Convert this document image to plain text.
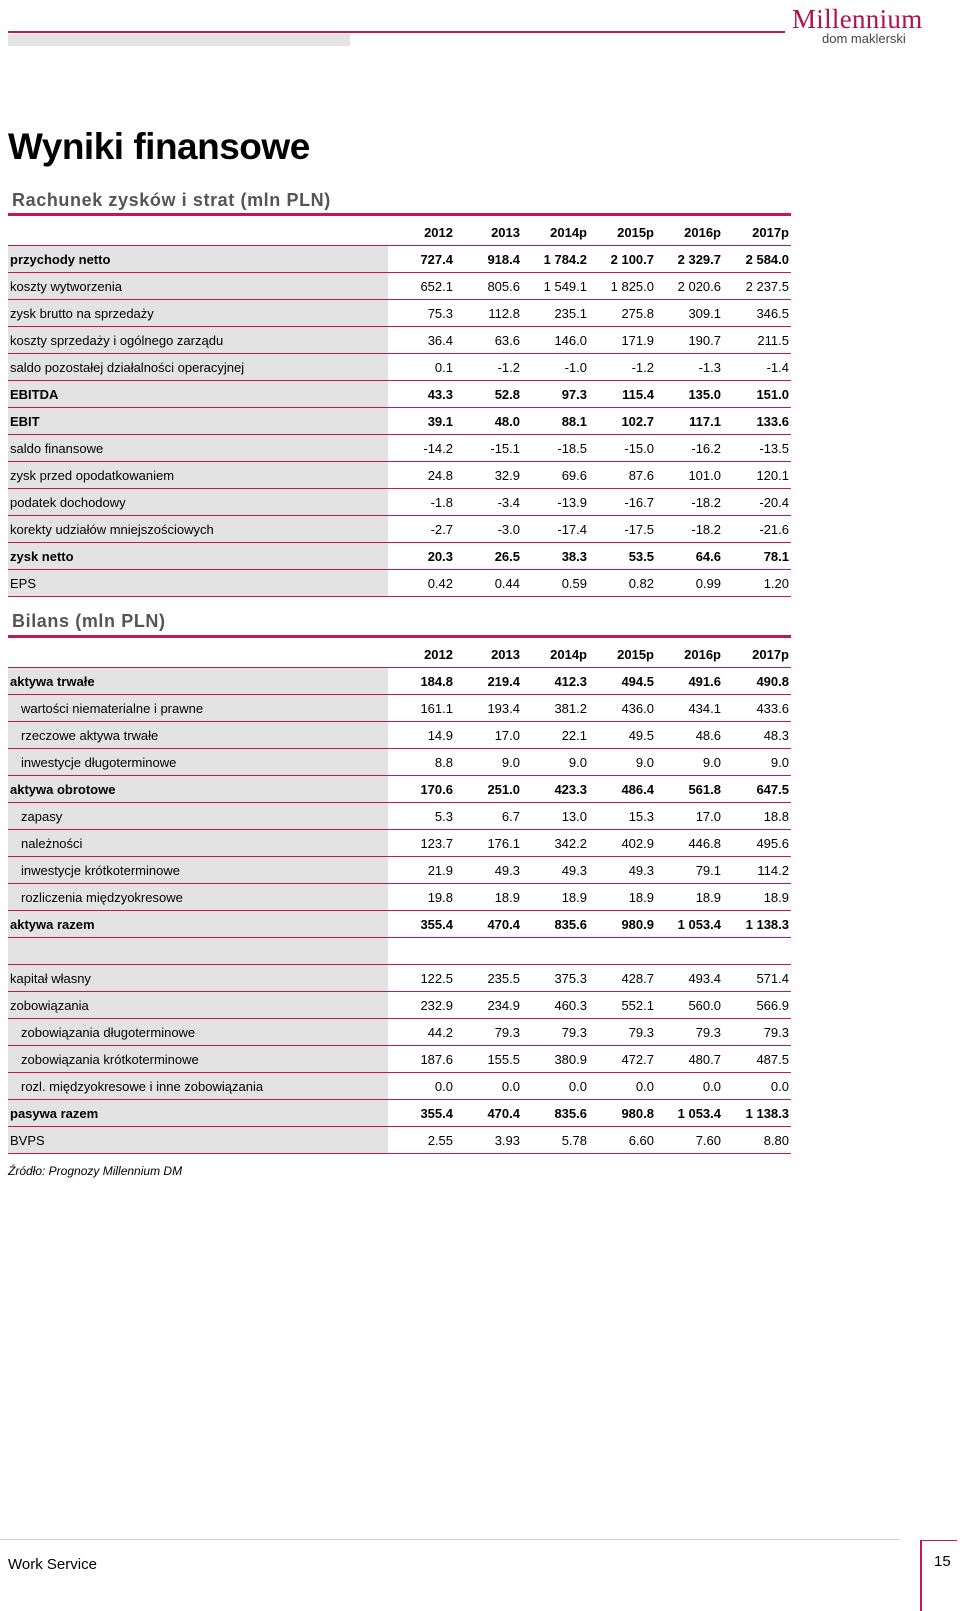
Millennium
dom maklerski
Wyniki finansowe
Rachunek zysków i strat (mln PLN)
	2012	2013	2014p	2015p	2016p	2017p
przychody netto	727.4	918.4	1 784.2	2 100.7	2 329.7	2 584.0
koszty wytworzenia	652.1	805.6	1 549.1	1 825.0	2 020.6	2 237.5
zysk brutto na sprzedaży	75.3	112.8	235.1	275.8	309.1	346.5
koszty sprzedaży i ogólnego zarządu	36.4	63.6	146.0	171.9	190.7	211.5
saldo pozostałej działalności operacyjnej	0.1	-1.2	-1.0	-1.2	-1.3	-1.4
EBITDA	43.3	52.8	97.3	115.4	135.0	151.0
EBIT	39.1	48.0	88.1	102.7	117.1	133.6
saldo finansowe	-14.2	-15.1	-18.5	-15.0	-16.2	-13.5
zysk przed opodatkowaniem	24.8	32.9	69.6	87.6	101.0	120.1
podatek dochodowy	-1.8	-3.4	-13.9	-16.7	-18.2	-20.4
korekty udziałów mniejszościowych	-2.7	-3.0	-17.4	-17.5	-18.2	-21.6
zysk netto	20.3	26.5	38.3	53.5	64.6	78.1
EPS	0.42	0.44	0.59	0.82	0.99	1.20
Bilans (mln PLN)
	2012	2013	2014p	2015p	2016p	2017p
aktywa trwałe	184.8	219.4	412.3	494.5	491.6	490.8
wartości niematerialne i prawne	161.1	193.4	381.2	436.0	434.1	433.6
rzeczowe aktywa trwałe	14.9	17.0	22.1	49.5	48.6	48.3
inwestycje długoterminowe	8.8	9.0	9.0	9.0	9.0	9.0
aktywa obrotowe	170.6	251.0	423.3	486.4	561.8	647.5
zapasy	5.3	6.7	13.0	15.3	17.0	18.8
należności	123.7	176.1	342.2	402.9	446.8	495.6
inwestycje krótkoterminowe	21.9	49.3	49.3	49.3	79.1	114.2
rozliczenia międzyokresowe	19.8	18.9	18.9	18.9	18.9	18.9
aktywa razem	355.4	470.4	835.6	980.9	1 053.4	1 138.3

kapitał własny	122.5	235.5	375.3	428.7	493.4	571.4
zobowiązania	232.9	234.9	460.3	552.1	560.0	566.9
zobowiązania długoterminowe	44.2	79.3	79.3	79.3	79.3	79.3
zobowiązania krótkoterminowe	187.6	155.5	380.9	472.7	480.7	487.5
rozl. międzyokresowe i inne zobowiązania	0.0	0.0	0.0	0.0	0.0	0.0
pasywa razem	355.4	470.4	835.6	980.8	1 053.4	1 138.3
BVPS	2.55	3.93	5.78	6.60	7.60	8.80
Źródło: Prognozy Millennium DM
Work Service	15
